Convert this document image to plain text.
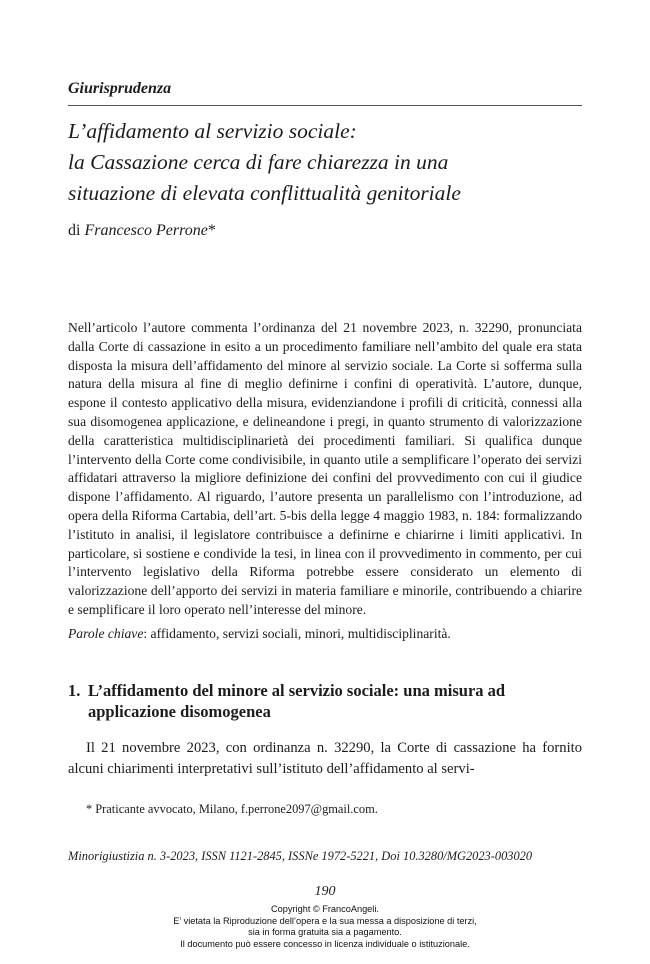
Giurisprudenza
L’affidamento al servizio sociale:
la Cassazione cerca di fare chiarezza in una
situazione di elevata conflittualità genitoriale
di Francesco Perrone*

Nell’articolo l’autore commenta l’ordinanza del 21 novembre 2023, n. 32290, pronunciata dalla Corte di cassazione in esito a un procedimento familiare nell’ambito del quale era stata disposta la misura dell’affidamento del minore al servizio sociale. La Corte si sofferma sulla natura della misura al fine di meglio definirne i confini di operatività. L’autore, dunque, espone il contesto applicativo della misura, evidenziandone i profili di criticità, connessi alla sua disomogenea applicazione, e delineandone i pregi, in quanto strumento di valorizzazione della caratteristica multidisciplinarietà dei procedimenti familiari. Si qualifica dunque l’intervento della Corte come condivisibile, in quanto utile a semplificare l’operato dei servizi affidatari attraverso la migliore definizione dei confini del provvedimento con cui il giudice dispone l’affidamento. Al riguardo, l’autore presenta un parallelismo con l’introduzione, ad opera della Riforma Cartabia, dell’art. 5-bis della legge 4 maggio 1983, n. 184: formalizzando l’istituto in analisi, il legislatore contribuisce a definirne e chiarirne i limiti applicativi. In particolare, si sostiene e condivide la tesi, in linea con il provvedimento in commento, per cui l’intervento legislativo della Riforma potrebbe essere considerato un elemento di valorizzazione dell’apporto dei servizi in materia familiare e minorile, contribuendo a chiarire e semplificare il loro operato nell’interesse del minore.

Parole chiave: affidamento, servizi sociali, minori, multidisciplinarità.
1. L’affidamento del minore al servizio sociale: una misura ad
applicazione disomogenea

Il 21 novembre 2023, con ordinanza n. 32290, la Corte di cassazione ha fornito alcuni chiarimenti interpretativi sull’istituto dell’affidamento al servi-

* Praticante avvocato, Milano, f.perrone2097@gmail.com.
Minorigiustizia n. 3-2023, ISSN 1121-2845, ISSNe 1972-5221, Doi 10.3280/MG2023-003020
190
Copyright © FrancoAngeli.
E’ vietata la Riproduzione dell’opera e la sua messa a disposizione di terzi,
sia in forma gratuita sia a pagamento.
Il documento può essere concesso in licenza individuale o istituzionale.
